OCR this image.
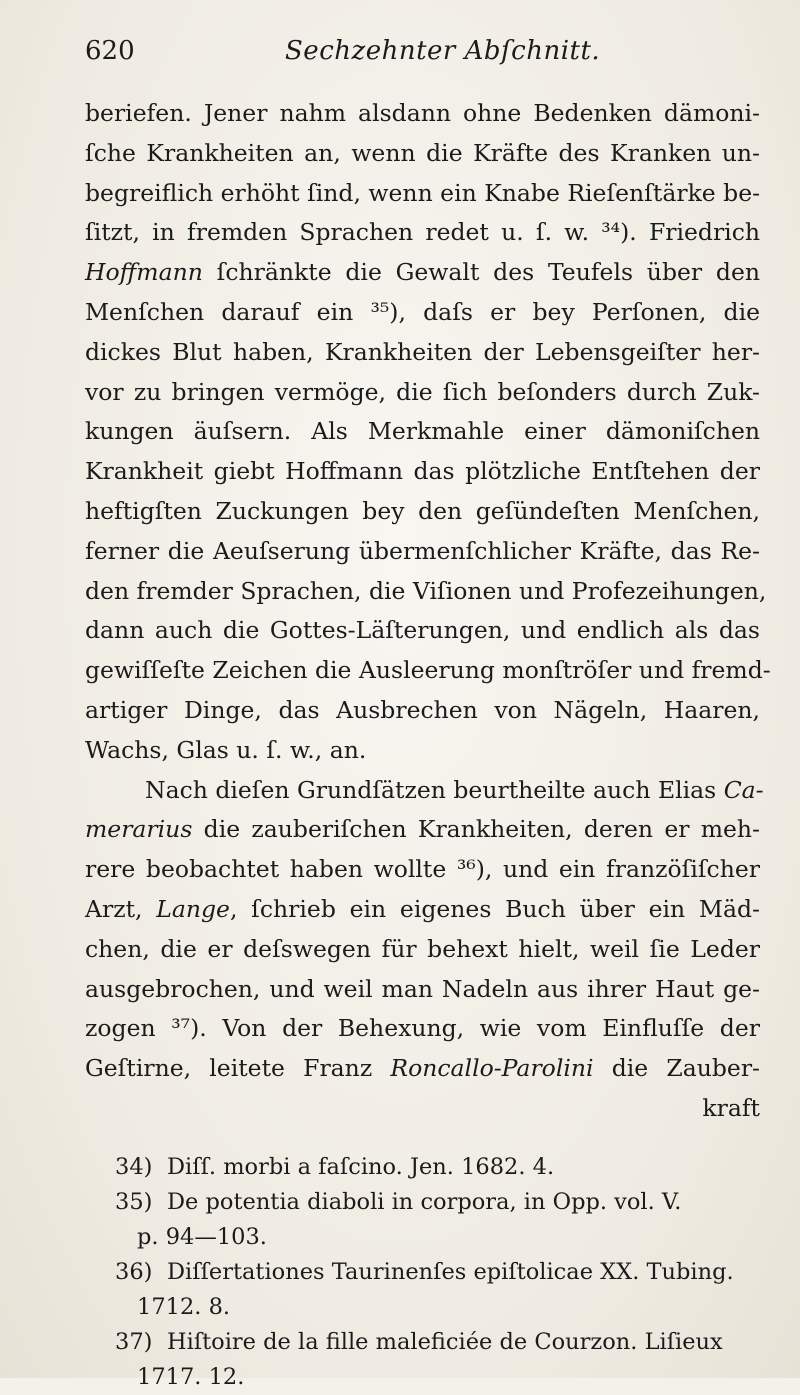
620	Sechzehnter Abſchnitt.
beriefen. Jener nahm alsdann ohne Bedenken dämoni-
ſche Krankheiten an, wenn die Kräfte des Kranken un-
begreiflich erhöht ſind, wenn ein Knabe Rieſenſtärke be-
ſitzt, in fremden Sprachen redet u. ſ. w. ³⁴). Friedrich
Hoffmann ſchränkte die Gewalt des Teufels über den
Menſchen darauf ein ³⁵), daſs er bey Perſonen, die
dickes Blut haben, Krankheiten der Lebensgeiſter her-
vor zu bringen vermöge, die ſich beſonders durch Zuk-
kungen äuſsern. Als Merkmahle einer dämoniſchen
Krankheit giebt Hoffmann das plötzliche Entſtehen der
heftigſten Zuckungen bey den geſündeſten Menſchen,
ferner die Aeuſserung übermenſchlicher Kräfte, das Re-
den fremder Sprachen, die Viſionen und Profezeihungen,
dann auch die Gottes-Läſterungen, und endlich als das
gewiſſeſte Zeichen die Ausleerung monſtröſer und fremd-
artiger Dinge, das Ausbrechen von Nägeln, Haaren,
Wachs, Glas u. ſ. w., an.
Nach dieſen Grundſätzen beurtheilte auch Elias Ca-
merarius die zauberiſchen Krankheiten, deren er meh-
rere beobachtet haben wollte ³⁶), und ein franzöſiſcher
Arzt, Lange, ſchrieb ein eigenes Buch über ein Mäd-
chen, die er deſswegen für behext hielt, weil ſie Leder
ausgebrochen, und weil man Nadeln aus ihrer Haut ge-
zogen ³⁷). Von der Behexung, wie vom Einfluſſe der
Geſtirne, leitete Franz Roncallo-Parolini die Zauber-
kraft
34) Diſſ. morbi a faſcino. Jen. 1682. 4.
35) De potentia diaboli in corpora, in Opp. vol. V.
p. 94—103.
36) Diſſertationes Taurinenſes epiſtolicae XX. Tubing.
1712. 8.
37) Hiſtoire de la fille maleficiée de Courzon. Liſieux
1717. 12.
